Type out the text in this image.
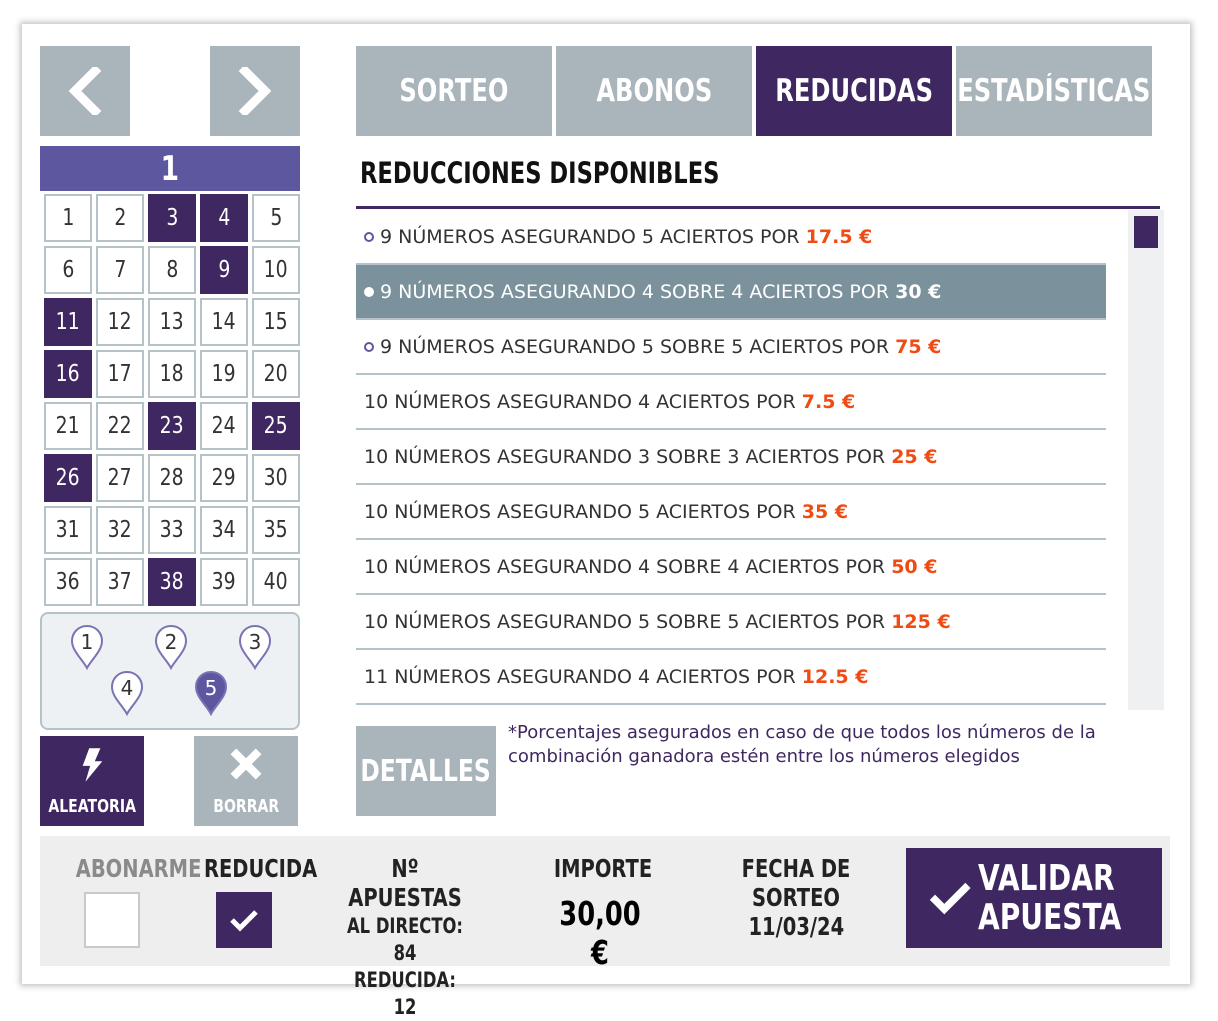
1
1 2 3 4 5
6 7 8 9 10
11 12 13 14 15
16 17 18 19 20
21 22 23 24 25
26 27 28 29 30
31 32 33 34 35
36 37 38 39 40
1	2	3
4	5
ALEATORIA	BORRAR
SORTEO	ABONOS REDUCIDAS ESTADÍSTICAS
REDUCCIONES DISPONIBLES
9 NÚMEROS ASEGURANDO 5 ACIERTOS POR 17.5 €
9 NÚMEROS ASEGURANDO 4 SOBRE 4 ACIERTOS POR 30 €
9 NÚMEROS ASEGURANDO 5 SOBRE 5 ACIERTOS POR 75 €
10 NÚMEROS ASEGURANDO 4 ACIERTOS POR 7.5 €
10 NÚMEROS ASEGURANDO 3 SOBRE 3 ACIERTOS POR 25 €
10 NÚMEROS ASEGURANDO 5 ACIERTOS POR 35 €
10 NÚMEROS ASEGURANDO 4 SOBRE 4 ACIERTOS POR 50 €
10 NÚMEROS ASEGURANDO 5 SOBRE 5 ACIERTOS POR 125 €
11 NÚMEROS ASEGURANDO 4 ACIERTOS POR 12.5 €
DETALLES
*Porcentajes asegurados en caso de que todos los números de la combinación ganadora estén entre los números elegidos
ABONARME REDUCIDA	Nº APUESTAS
AL DIRECTO: 84
REDUCIDA: 12
IMPORTE
30,00 €
FECHA DE SORTEO
11/03/24
VALIDAR
APUESTA
